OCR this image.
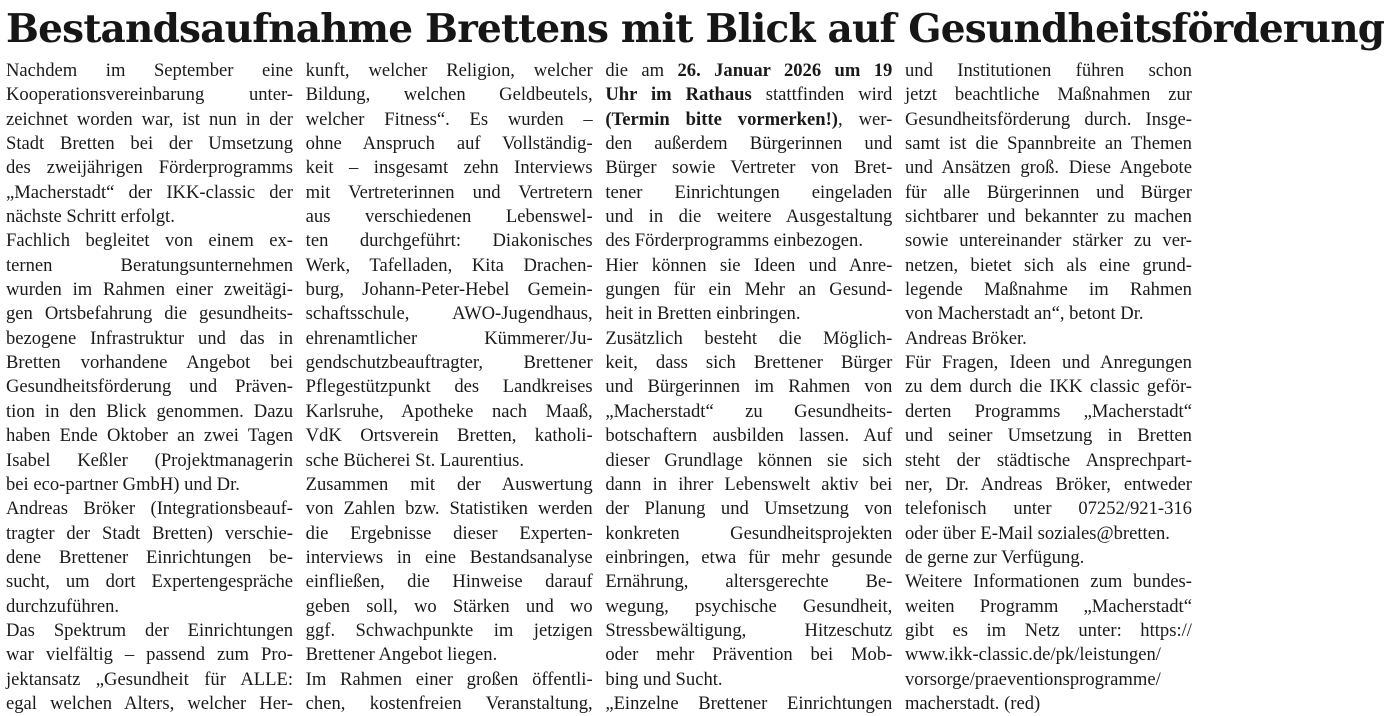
Bestandsaufnahme Brettens mit Blick auf Gesundheitsförderung
Nachdem im September eine
Kooperationsvereinbarung unter-
zeichnet worden war, ist nun in der
Stadt Bretten bei der Umsetzung
des zweijährigen Förderprogramms
„Macherstadt“ der IKK-classic der
nächste Schritt erfolgt.
Fachlich begleitet von einem ex-
ternen Beratungsunternehmen
wurden im Rahmen einer zweitägi-
gen Ortsbefahrung die gesundheits-
bezogene Infrastruktur und das in
Bretten vorhandene Angebot bei
Gesundheitsförderung und Präven-
tion in den Blick genommen. Dazu
haben Ende Oktober an zwei Tagen
Isabel Keßler (Projektmanagerin
bei eco-partner GmbH) und Dr.
Andreas Bröker (Integrationsbeauf-
tragter der Stadt Bretten) verschie-
dene Brettener Einrichtungen be-
sucht, um dort Expertengespräche
durchzuführen.
Das Spektrum der Einrichtungen
war vielfältig – passend zum Pro-
jektansatz „Gesundheit für ALLE:
egal welchen Alters, welcher Her-
kunft, welcher Religion, welcher
Bildung, welchen Geldbeutels,
welcher Fitness“. Es wurden –
ohne Anspruch auf Vollständig-
keit – insgesamt zehn Interviews
mit Vertreterinnen und Vertretern
aus verschiedenen Lebenswel-
ten durchgeführt: Diakonisches
Werk, Tafelladen, Kita Drachen-
burg, Johann-Peter-Hebel Gemein-
schaftsschule, AWO-Jugendhaus,
ehrenamtlicher Kümmerer/Ju-
gendschutzbeauftragter, Brettener
Pflegestützpunkt des Landkreises
Karlsruhe, Apotheke nach Maaß,
VdK Ortsverein Bretten, katholi-
sche Bücherei St. Laurentius.
Zusammen mit der Auswertung
von Zahlen bzw. Statistiken werden
die Ergebnisse dieser Experten-
interviews in eine Bestandsanalyse
einfließen, die Hinweise darauf
geben soll, wo Stärken und wo
ggf. Schwachpunkte im jetzigen
Brettener Angebot liegen.
Im Rahmen einer großen öffentli-
chen, kostenfreien Veranstaltung,
die am 26. Januar 2026 um 19
Uhr im Rathaus stattfinden wird
(Termin bitte vormerken!), wer-
den außerdem Bürgerinnen und
Bürger sowie Vertreter von Bret-
tener Einrichtungen eingeladen
und in die weitere Ausgestaltung
des Förderprogramms einbezogen.
Hier können sie Ideen und Anre-
gungen für ein Mehr an Gesund-
heit in Bretten einbringen.
Zusätzlich besteht die Möglich-
keit, dass sich Brettener Bürger
und Bürgerinnen im Rahmen von
„Macherstadt“ zu Gesundheits-
botschaftern ausbilden lassen. Auf
dieser Grundlage können sie sich
dann in ihrer Lebenswelt aktiv bei
der Planung und Umsetzung von
konkreten Gesundheitsprojekten
einbringen, etwa für mehr gesunde
Ernährung, altersgerechte Be-
wegung, psychische Gesundheit,
Stressbewältigung, Hitzeschutz
oder mehr Prävention bei Mob-
bing und Sucht.
„Einzelne Brettener Einrichtungen
und Institutionen führen schon
jetzt beachtliche Maßnahmen zur
Gesundheitsförderung durch. Insge-
samt ist die Spannbreite an Themen
und Ansätzen groß. Diese Angebote
für alle Bürgerinnen und Bürger
sichtbarer und bekannter zu machen
sowie untereinander stärker zu ver-
netzen, bietet sich als eine grund-
legende Maßnahme im Rahmen
von Macherstadt an“, betont Dr.
Andreas Bröker.
Für Fragen, Ideen und Anregungen
zu dem durch die IKK classic geför-
derten Programms „Macherstadt“
und seiner Umsetzung in Bretten
steht der städtische Ansprechpart-
ner, Dr. Andreas Bröker, entweder
telefonisch unter 07252/921-316
oder über E-Mail soziales@bretten.
de gerne zur Verfügung.
Weitere Informationen zum bundes-
weiten Programm „Macherstadt“
gibt es im Netz unter: https://
www.ikk-classic.de/pk/leistungen/
vorsorge/praeventionsprogramme/
macherstadt. (red)
